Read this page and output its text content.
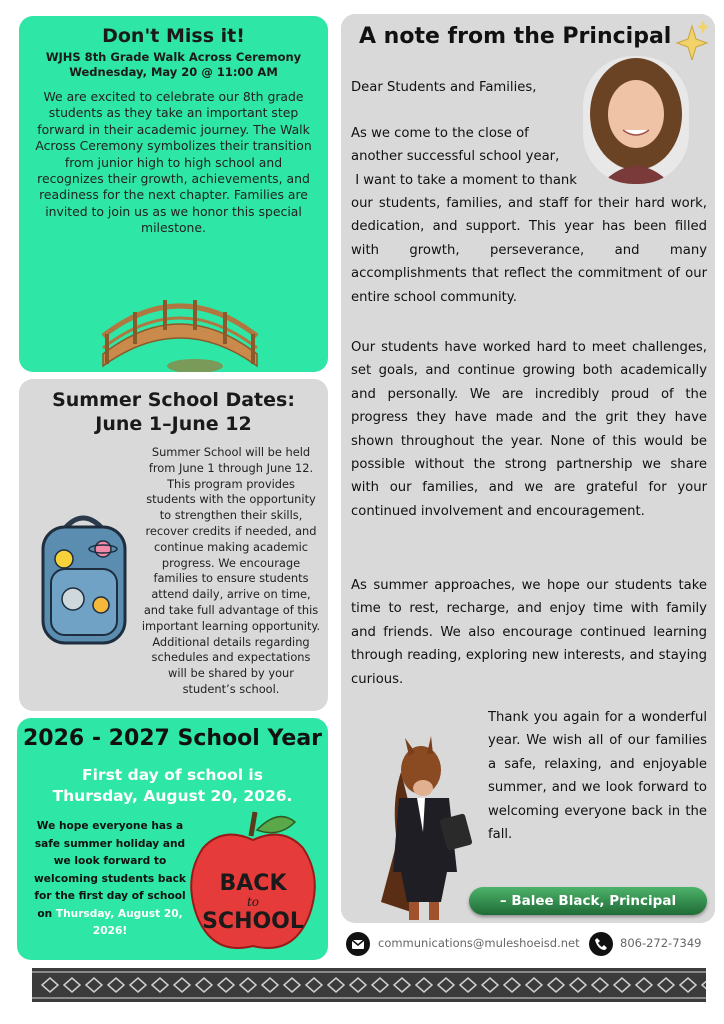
Don't Miss it!
WJHS 8th Grade Walk Across Ceremony
Wednesday, May 20 @ 11:00 AM
We are excited to celebrate our 8th grade students as they take an important step forward in their academic journey. The Walk Across Ceremony symbolizes their transition from junior high to high school and recognizes their growth, achievements, and readiness for the next chapter. Families are invited to join us as we honor this special milestone.
Summer School Dates:
June 1–June 12
Summer School will be held from June 1 through June 12. This program provides students with the opportunity to strengthen their skills, recover credits if needed, and continue making academic progress. We encourage families to ensure students attend daily, arrive on time, and take full advantage of this important learning opportunity. Additional details regarding schedules and expectations will be shared by your student’s school.
2026 - 2027 School Year
First day of school is
Thursday, August 20, 2026.
We hope everyone has a safe summer holiday and we look forward to welcoming students back for the first day of school on Thursday, August 20, 2026!
BACK
to
SCHOOL
A note from the Principal
Dear Students and Families,
As we come to the close of
another successful school year,
I want to take a moment to thank
our students, families, and staff for their hard work, dedication, and support. This year has been filled with growth, perseverance, and many accomplishments that reflect the commitment of our entire school community.
Our students have worked hard to meet challenges, set goals, and continue growing both academically and personally. We are incredibly proud of the progress they have made and the grit they have shown throughout the year. None of this would be possible without the strong partnership we share with our families, and we are grateful for your continued involvement and encouragement.
As summer approaches, we hope our students take time to rest, recharge, and enjoy time with family and friends. We also encourage continued learning through reading, exploring new interests, and staying curious.
Thank you again for a wonderful year. We wish all of our families a safe, relaxing, and enjoyable summer, and we look forward to welcoming everyone back in the fall.
– Balee Black, Principal
communications@muleshoeisd.net	806-272-7349
